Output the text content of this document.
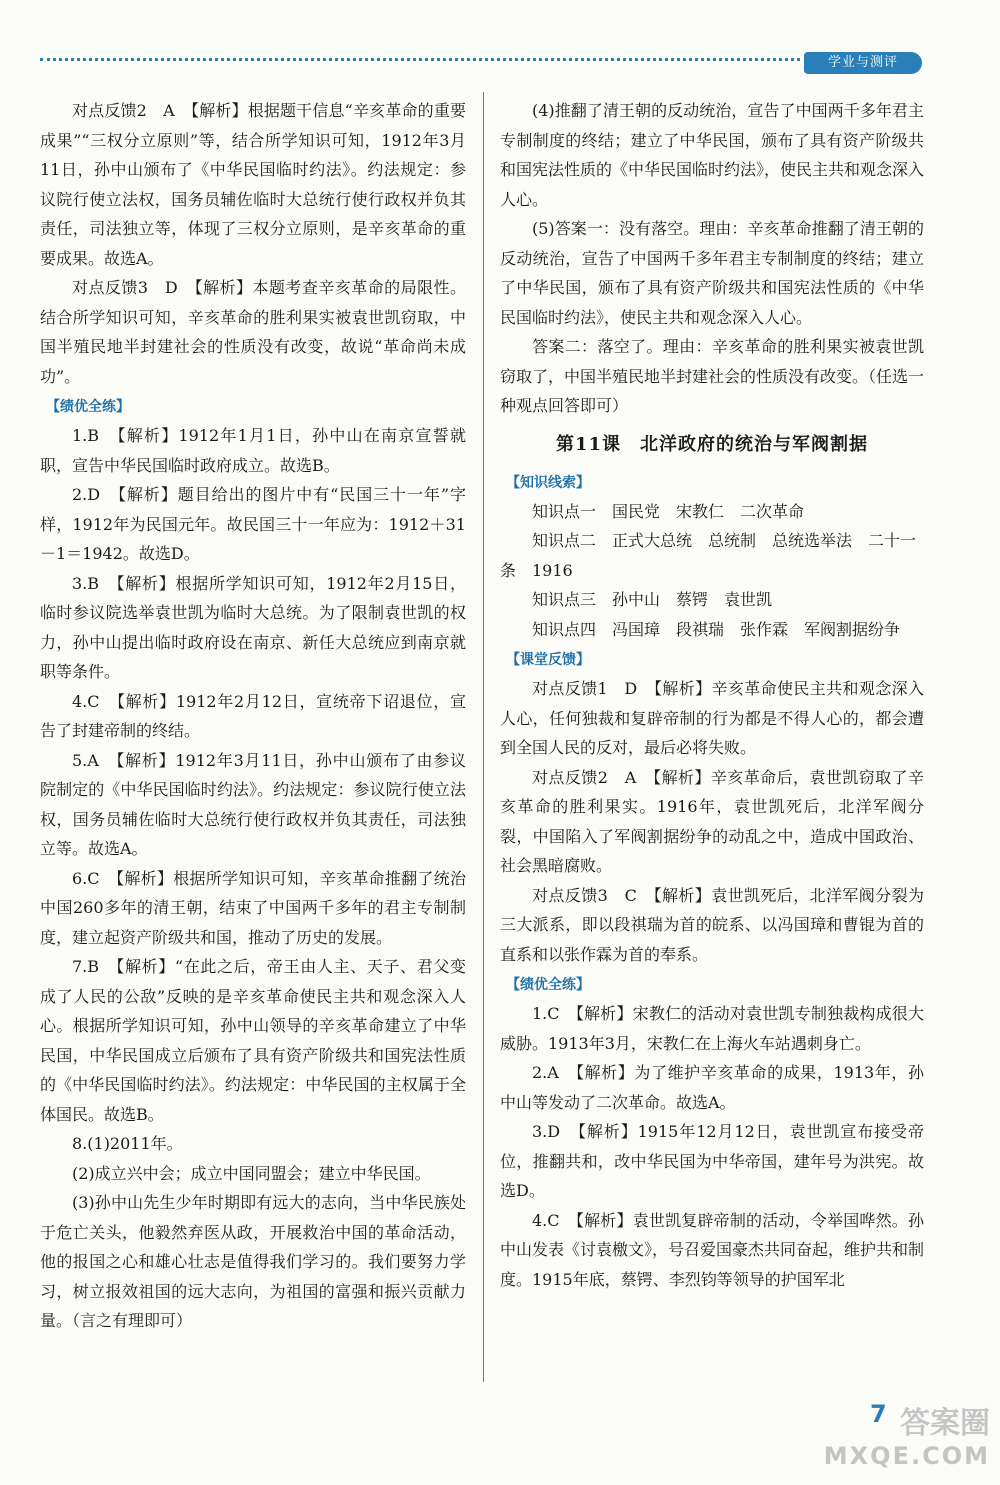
学业与测评

对点反馈2　A　【解析】根据题干信息“辛亥革命的重要成果”“三权分立原则”等，结合所学知识可知，1912年3月11日，孙中山颁布了《中华民国临时约法》。约法规定：参议院行使立法权，国务员辅佐临时大总统行使行政权并负其责任，司法独立等，体现了三权分立原则，是辛亥革命的重要成果。故选A。

对点反馈3　D　【解析】本题考查辛亥革命的局限性。结合所学知识可知，辛亥革命的胜利果实被袁世凯窃取，中国半殖民地半封建社会的性质没有改变，故说“革命尚未成功”。

【绩优全练】

1.B　【解析】1912年1月1日，孙中山在南京宣誓就职，宣告中华民国临时政府成立。故选B。

2.D　【解析】题目给出的图片中有“民国三十一年”字样，1912年为民国元年。故民国三十一年应为：1912＋31－1＝1942。故选D。

3.B　【解析】根据所学知识可知，1912年2月15日，临时参议院选举袁世凯为临时大总统。为了限制袁世凯的权力，孙中山提出临时政府设在南京、新任大总统应到南京就职等条件。

4.C　【解析】1912年2月12日，宣统帝下诏退位，宣告了封建帝制的终结。

5.A　【解析】1912年3月11日，孙中山颁布了由参议院制定的《中华民国临时约法》。约法规定：参议院行使立法权，国务员辅佐临时大总统行使行政权并负其责任，司法独立等。故选A。

6.C　【解析】根据所学知识可知，辛亥革命推翻了统治中国260多年的清王朝，结束了中国两千多年的君主专制制度，建立起资产阶级共和国，推动了历史的发展。

7.B　【解析】“在此之后，帝王由人主、天子、君父变成了人民的公敌”反映的是辛亥革命使民主共和观念深入人心。根据所学知识可知，孙中山领导的辛亥革命建立了中华民国，中华民国成立后颁布了具有资产阶级共和国宪法性质的《中华民国临时约法》。约法规定：中华民国的主权属于全体国民。故选B。

8.(1)2011年。

(2)成立兴中会；成立中国同盟会；建立中华民国。

(3)孙中山先生少年时期即有远大的志向，当中华民族处于危亡关头，他毅然弃医从政，开展救治中国的革命活动，他的报国之心和雄心壮志是值得我们学习的。我们要努力学习，树立报效祖国的远大志向，为祖国的富强和振兴贡献力量。（言之有理即可）

(4)推翻了清王朝的反动统治，宣告了中国两千多年君主专制制度的终结；建立了中华民国，颁布了具有资产阶级共和国宪法性质的《中华民国临时约法》，使民主共和观念深入人心。

(5)答案一：没有落空。理由：辛亥革命推翻了清王朝的反动统治，宣告了中国两千多年君主专制制度的终结；建立了中华民国，颁布了具有资产阶级共和国宪法性质的《中华民国临时约法》，使民主共和观念深入人心。

答案二：落空了。理由：辛亥革命的胜利果实被袁世凯窃取了，中国半殖民地半封建社会的性质没有改变。（任选一种观点回答即可）

第11课　北洋政府的统治与军阀割据
【知识线索】

知识点一　国民党　宋教仁　二次革命

知识点二　正式大总统　总统制　总统选举法　二十一条　1916

知识点三　孙中山　蔡锷　袁世凯

知识点四　冯国璋　段祺瑞　张作霖　军阀割据纷争

【课堂反馈】

对点反馈1　D　【解析】辛亥革命使民主共和观念深入人心，任何独裁和复辟帝制的行为都是不得人心的，都会遭到全国人民的反对，最后必将失败。

对点反馈2　A　【解析】辛亥革命后，袁世凯窃取了辛亥革命的胜利果实。1916年，袁世凯死后，北洋军阀分裂，中国陷入了军阀割据纷争的动乱之中，造成中国政治、社会黑暗腐败。

对点反馈3　C　【解析】袁世凯死后，北洋军阀分裂为三大派系，即以段祺瑞为首的皖系、以冯国璋和曹锟为首的直系和以张作霖为首的奉系。

【绩优全练】

1.C　【解析】宋教仁的活动对袁世凯专制独裁构成很大威胁。1913年3月，宋教仁在上海火车站遇刺身亡。

2.A　【解析】为了维护辛亥革命的成果，1913年，孙中山等发动了二次革命。故选A。

3.D　【解析】1915年12月12日，袁世凯宣布接受帝位，推翻共和，改中华民国为中华帝国，建年号为洪宪。故选D。

4.C　【解析】袁世凯复辟帝制的活动，令举国哗然。孙中山发表《讨袁檄文》，号召爱国豪杰共同奋起，维护共和制度。1915年底，蔡锷、李烈钧等领导的护国军北

7 答案圈
MXQE.COM
